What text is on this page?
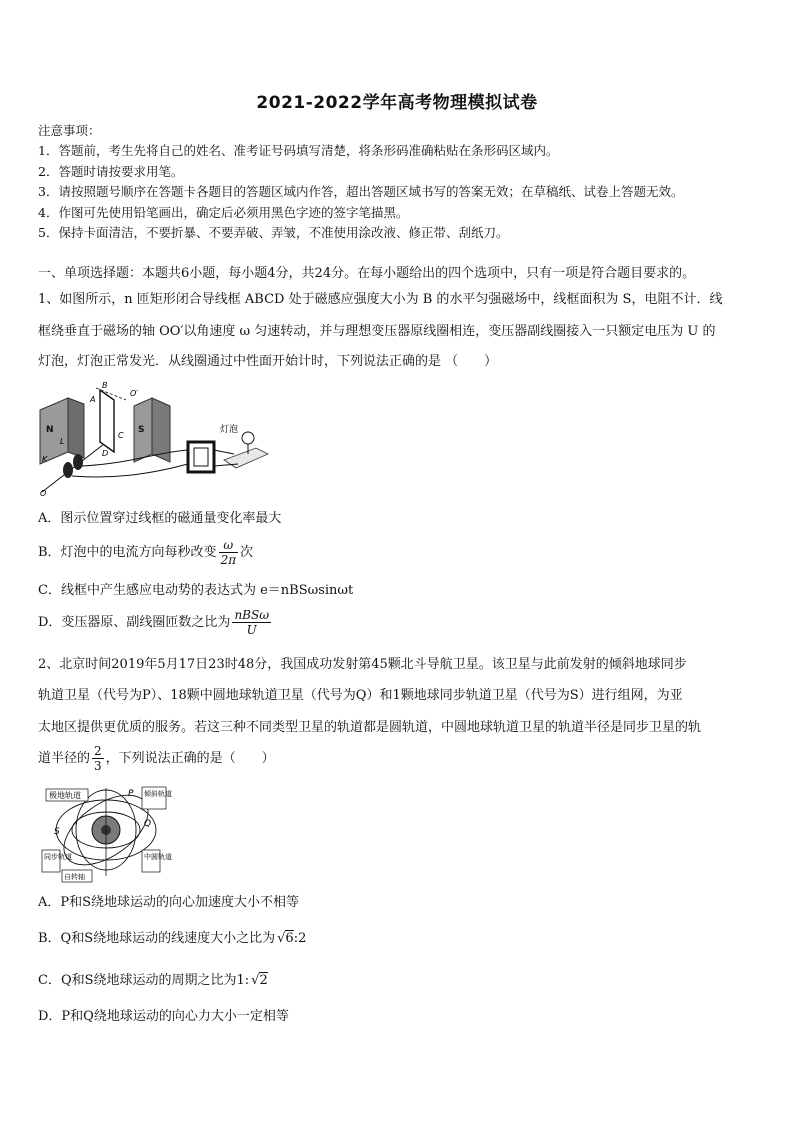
2021-2022学年高考物理模拟试卷
注意事项：
1．答题前，考生先将自己的姓名、准考证号码填写清楚，将条形码准确粘贴在条形码区域内。
2．答题时请按要求用笔。
3．请按照题号顺序在答题卡各题目的答题区域内作答，超出答题区域书写的答案无效；在草稿纸、试卷上答题无效。
4．作图可先使用铅笔画出，确定后必须用黑色字迹的签字笔描黑。
5．保持卡面清洁，不要折暴、不要弄破、弄皱，不准使用涂改液、修正带、刮纸刀。
一、单项选择题：本题共6小题，每小题4分，共24分。在每小题给出的四个选项中，只有一项是符合题目要求的。
1、如图所示，n 匝矩形闭合导线框 ABCD 处于磁感应强度大小为 B 的水平匀强磁场中，线框面积为 S，电阻不计．线
框绕垂直于磁场的轴 OO′以角速度 ω 匀速转动，并与理想变压器原线圈相连，变压器副线圈接入一只额定电压为 U 的
灯泡，灯泡正常发光．从线圈通过中性面开始计时，下列说法正确的是 （　　）
N	S
A
B
C
D
O′
L
K
O
灯泡
A．图示位置穿过线框的磁通量变化率最大
B．灯泡中的电流方向每秒改变 $\frac{\omega}{2\pi}$ 次
C．线框中产生感应电动势的表达式为 e＝nBSωsinωt
D．变压器原、副线圈匝数之比为 $\frac{\text{nBSω}}{U}$
2、北京时间2019年5月17日23时48分，我国成功发射第45颗北斗导航卫星。该卫星与此前发射的倾斜地球同步
轨道卫星（代号为P）、18颗中圆地球轨道卫星（代号为Q）和1颗地球同步轨道卫星（代号为S）进行组网，为亚
太地区提供更优质的服务。若这三种不同类型卫星的轨道都是圆轨道，中圆地球轨道卫星的轨道半径是同步卫星的轨
道半径的 $\frac{2}{3}$ ，下列说法正确的是（　　）
极地轨道	P 倾斜轨道
Q
S
同步轨道	中圆轨道
自转轴
A．P和S绕地球运动的向心加速度大小不相等
B．Q和S绕地球运动的线速度大小之比为 √6:2
C．Q和S绕地球运动的周期之比为1: √2
D．P和Q绕地球运动的向心力大小一定相等
